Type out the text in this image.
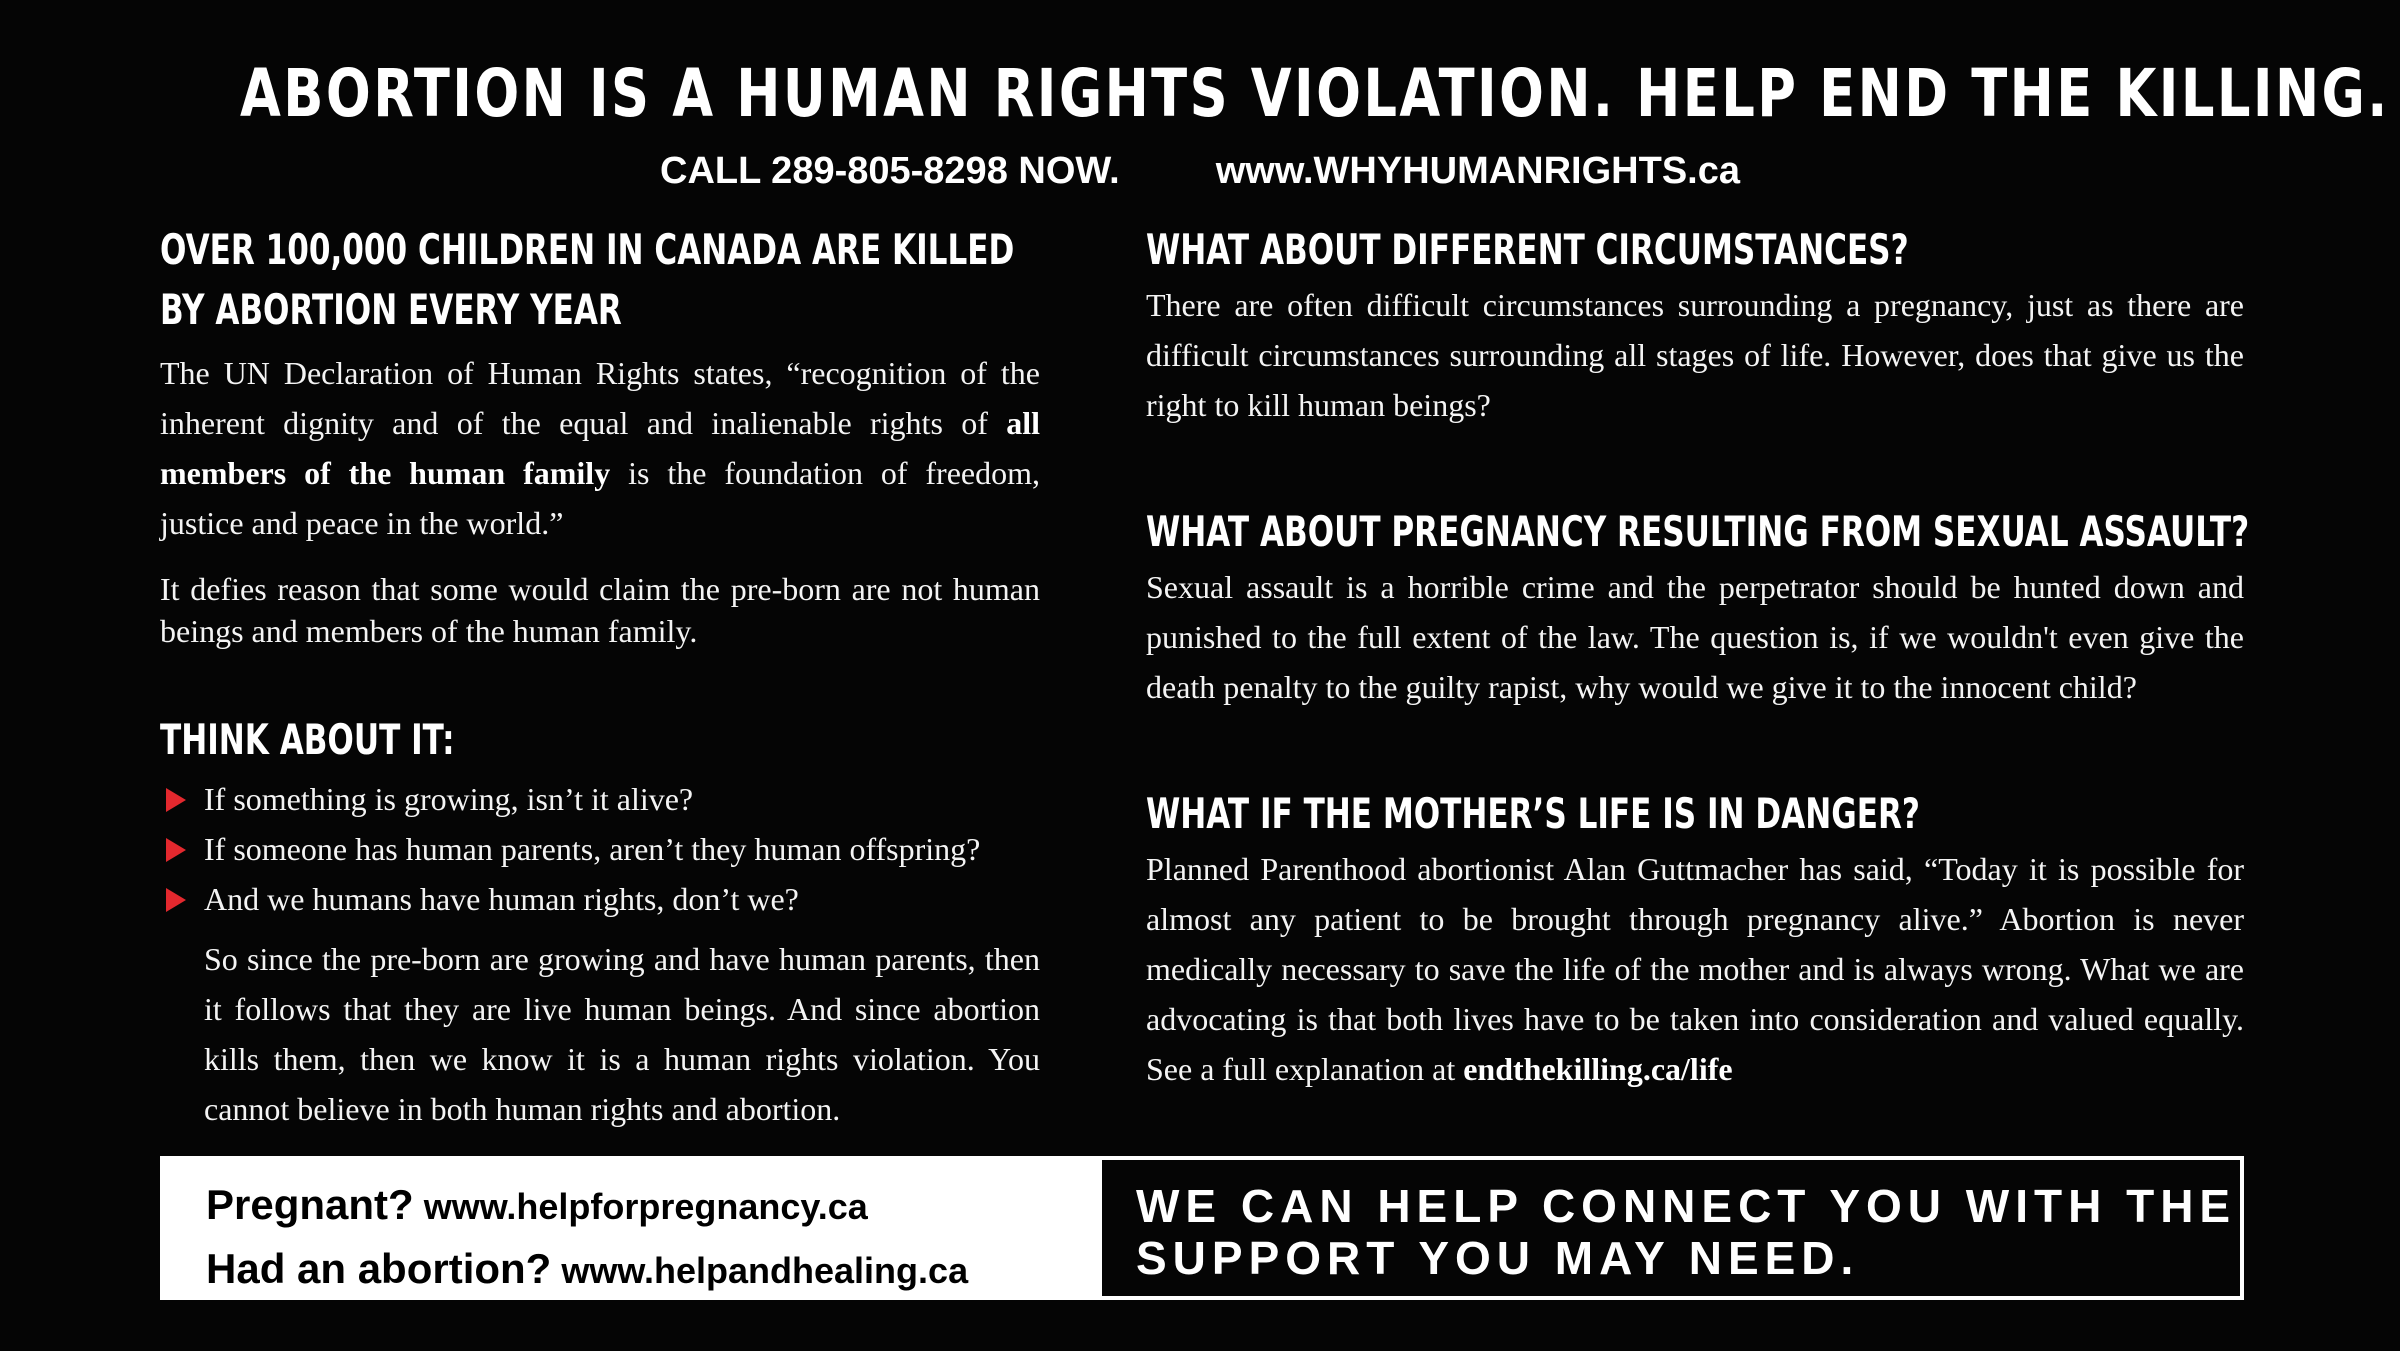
ABORTION IS A HUMAN RIGHTS VIOLATION. HELP END THE KILLING.
CALL 289-805-8298 NOW.	www.WHYHUMANRIGHTS.ca
OVER 100,000 CHILDREN IN CANADA ARE KILLED
BY ABORTION EVERY YEAR

The UN Declaration of Human Rights states, “recognition of the inherent dignity and of the equal and inalienable rights of all members of the human family is the foundation of freedom, justice and peace in the world.”

It defies reason that some would claim the pre-born are not human beings and members of the human family.

THINK ABOUT IT:
If something is growing, isn’t it alive?
If someone has human parents, aren’t they human offspring?
And we humans have human rights, don’t we?

So since the pre-born are growing and have human parents, then it follows that they are live human beings. And since abortion kills them, then we know it is a human rights violation. You cannot believe in both human rights and abortion.

WHAT ABOUT DIFFERENT CIRCUMSTANCES?

There are often difficult circumstances surrounding a pregnancy, just as there are difficult circumstances surrounding all stages of life. However, does that give us the right to kill human beings?

WHAT ABOUT PREGNANCY RESULTING FROM SEXUAL ASSAULT?

Sexual assault is a horrible crime and the perpetrator should be hunted down and punished to the full extent of the law. The question is, if we wouldn't even give the death penalty to the guilty rapist, why would we give it to the innocent child?

WHAT IF THE MOTHER’S LIFE IS IN DANGER?

Planned Parenthood abortionist Alan Guttmacher has said, “Today it is possible for almost any patient to be brought through pregnancy alive.” Abortion is never medically necessary to save the life of the mother and is always wrong. What we are advocating is that both lives have to be taken into consideration and valued equally. See a full explanation at endthekilling.ca/life

Pregnant? www.helpforpregnancy.ca
Had an abortion? www.helpandhealing.ca
WE CAN HELP CONNECT YOU WITH THE
SUPPORT YOU MAY NEED.
